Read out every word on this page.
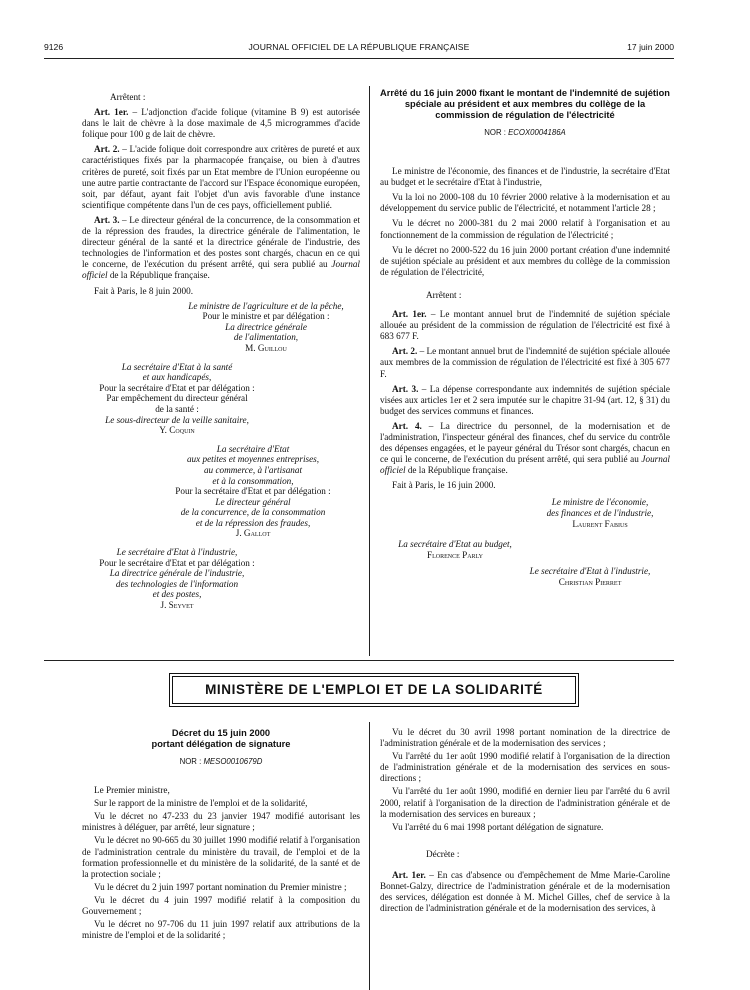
9126	JOURNAL OFFICIEL DE LA RÉPUBLIQUE FRANÇAISE	17 juin 2000

Arrêtent :

Art. 1er. – L'adjonction d'acide folique (vitamine B 9) est autorisée dans le lait de chèvre à la dose maximale de 4,5 microgrammes d'acide folique pour 100 g de lait de chèvre.

Art. 2. – L'acide folique doit correspondre aux critères de pureté et aux caractéristiques fixés par la pharmacopée française, ou bien à d'autres critères de pureté, soit fixés par un Etat membre de l'Union européenne ou une autre partie contractante de l'accord sur l'Espace économique européen, soit, par défaut, ayant fait l'objet d'un avis favorable d'une instance scientifique compétente dans l'un de ces pays, officiellement publié.

Art. 3. – Le directeur général de la concurrence, de la consommation et de la répression des fraudes, la directrice générale de l'alimentation, le directeur général de la santé et la directrice générale de l'industrie, des technologies de l'information et des postes sont chargés, chacun en ce qui le concerne, de l'exécution du présent arrêté, qui sera publié au Journal officiel de la République française.

Fait à Paris, le 8 juin 2000.

Le ministre de l'agriculture et de la pêche,
Pour le ministre et par délégation :
La directrice générale
de l'alimentation,
M. Guillou
La secrétaire d'Etat à la santé
et aux handicapés,
Pour la secrétaire d'Etat et par délégation :
Par empêchement du directeur général
de la santé :
Le sous-directeur de la veille sanitaire,
Y. Coquin
La secrétaire d'Etat
aux petites et moyennes entreprises,
au commerce, à l'artisanat
et à la consommation,
Pour la secrétaire d'Etat et par délégation :
Le directeur général
de la concurrence, de la consommation
et de la répression des fraudes,
J. Gallot
Le secrétaire d'Etat à l'industrie,
Pour le secrétaire d'Etat et par délégation :
La directrice générale de l'industrie,
des technologies de l'information
et des postes,
J. Seyvet
Arrêté du 16 juin 2000 fixant le montant de l'indemnité de sujétion spéciale au président et aux membres du collège de la commission de régulation de l'électricité
NOR : ECOX0004186A

Le ministre de l'économie, des finances et de l'industrie, la secrétaire d'Etat au budget et le secrétaire d'Etat à l'industrie,

Vu la loi no 2000-108 du 10 février 2000 relative à la modernisation et au développement du service public de l'électricité, et notamment l'article 28 ;

Vu le décret no 2000-381 du 2 mai 2000 relatif à l'organisation et au fonctionnement de la commission de régulation de l'électricité ;

Vu le décret no 2000-522 du 16 juin 2000 portant création d'une indemnité de sujétion spéciale au président et aux membres du collège de la commission de régulation de l'électricité,

Arrêtent :

Art. 1er. – Le montant annuel brut de l'indemnité de sujétion spéciale allouée au président de la commission de régulation de l'électricité est fixé à 683 677 F.

Art. 2. – Le montant annuel brut de l'indemnité de sujétion spéciale allouée aux membres de la commission de régulation de l'électricité est fixé à 305 677 F.

Art. 3. – La dépense correspondante aux indemnités de sujétion spéciale visées aux articles 1er et 2 sera imputée sur le chapitre 31-94 (art. 12, § 31) du budget des services communs et finances.

Art. 4. – La directrice du personnel, de la modernisation et de l'administration, l'inspecteur général des finances, chef du service du contrôle des dépenses engagées, et le payeur général du Trésor sont chargés, chacun en ce qui le concerne, de l'exécution du présent arrêté, qui sera publié au Journal officiel de la République française.

Fait à Paris, le 16 juin 2000.

Le ministre de l'économie,
des finances et de l'industrie,
Laurent Fabius
La secrétaire d'Etat au budget,
Florence Parly
Le secrétaire d'Etat à l'industrie,
Christian Pierret
MINISTÈRE DE L'EMPLOI ET DE LA SOLIDARITÉ
Décret du 15 juin 2000
portant délégation de signature
NOR : MESO0010679D

Le Premier ministre,

Sur le rapport de la ministre de l'emploi et de la solidarité,

Vu le décret no 47-233 du 23 janvier 1947 modifié autorisant les ministres à déléguer, par arrêté, leur signature ;

Vu le décret no 90-665 du 30 juillet 1990 modifié relatif à l'organisation de l'administration centrale du ministère du travail, de l'emploi et de la formation professionnelle et du ministère de la solidarité, de la santé et de la protection sociale ;

Vu le décret du 2 juin 1997 portant nomination du Premier ministre ;

Vu le décret du 4 juin 1997 modifié relatif à la composition du Gouvernement ;

Vu le décret no 97-706 du 11 juin 1997 relatif aux attributions de la ministre de l'emploi et de la solidarité ;

Vu le décret du 30 avril 1998 portant nomination de la directrice de l'administration générale et de la modernisation des services ;

Vu l'arrêté du 1er août 1990 modifié relatif à l'organisation de la direction de l'administration générale et de la modernisation des services en sous-directions ;

Vu l'arrêté du 1er août 1990, modifié en dernier lieu par l'arrêté du 6 avril 2000, relatif à l'organisation de la direction de l'administration générale et de la modernisation des services en bureaux ;

Vu l'arrêté du 6 mai 1998 portant délégation de signature.

Décrète :

Art. 1er. – En cas d'absence ou d'empêchement de Mme Marie-Caroline Bonnet-Galzy, directrice de l'administration générale et de la modernisation des services, délégation est donnée à M. Michel Gilles, chef de service à la direction de l'administration générale et de la modernisation des services, à
